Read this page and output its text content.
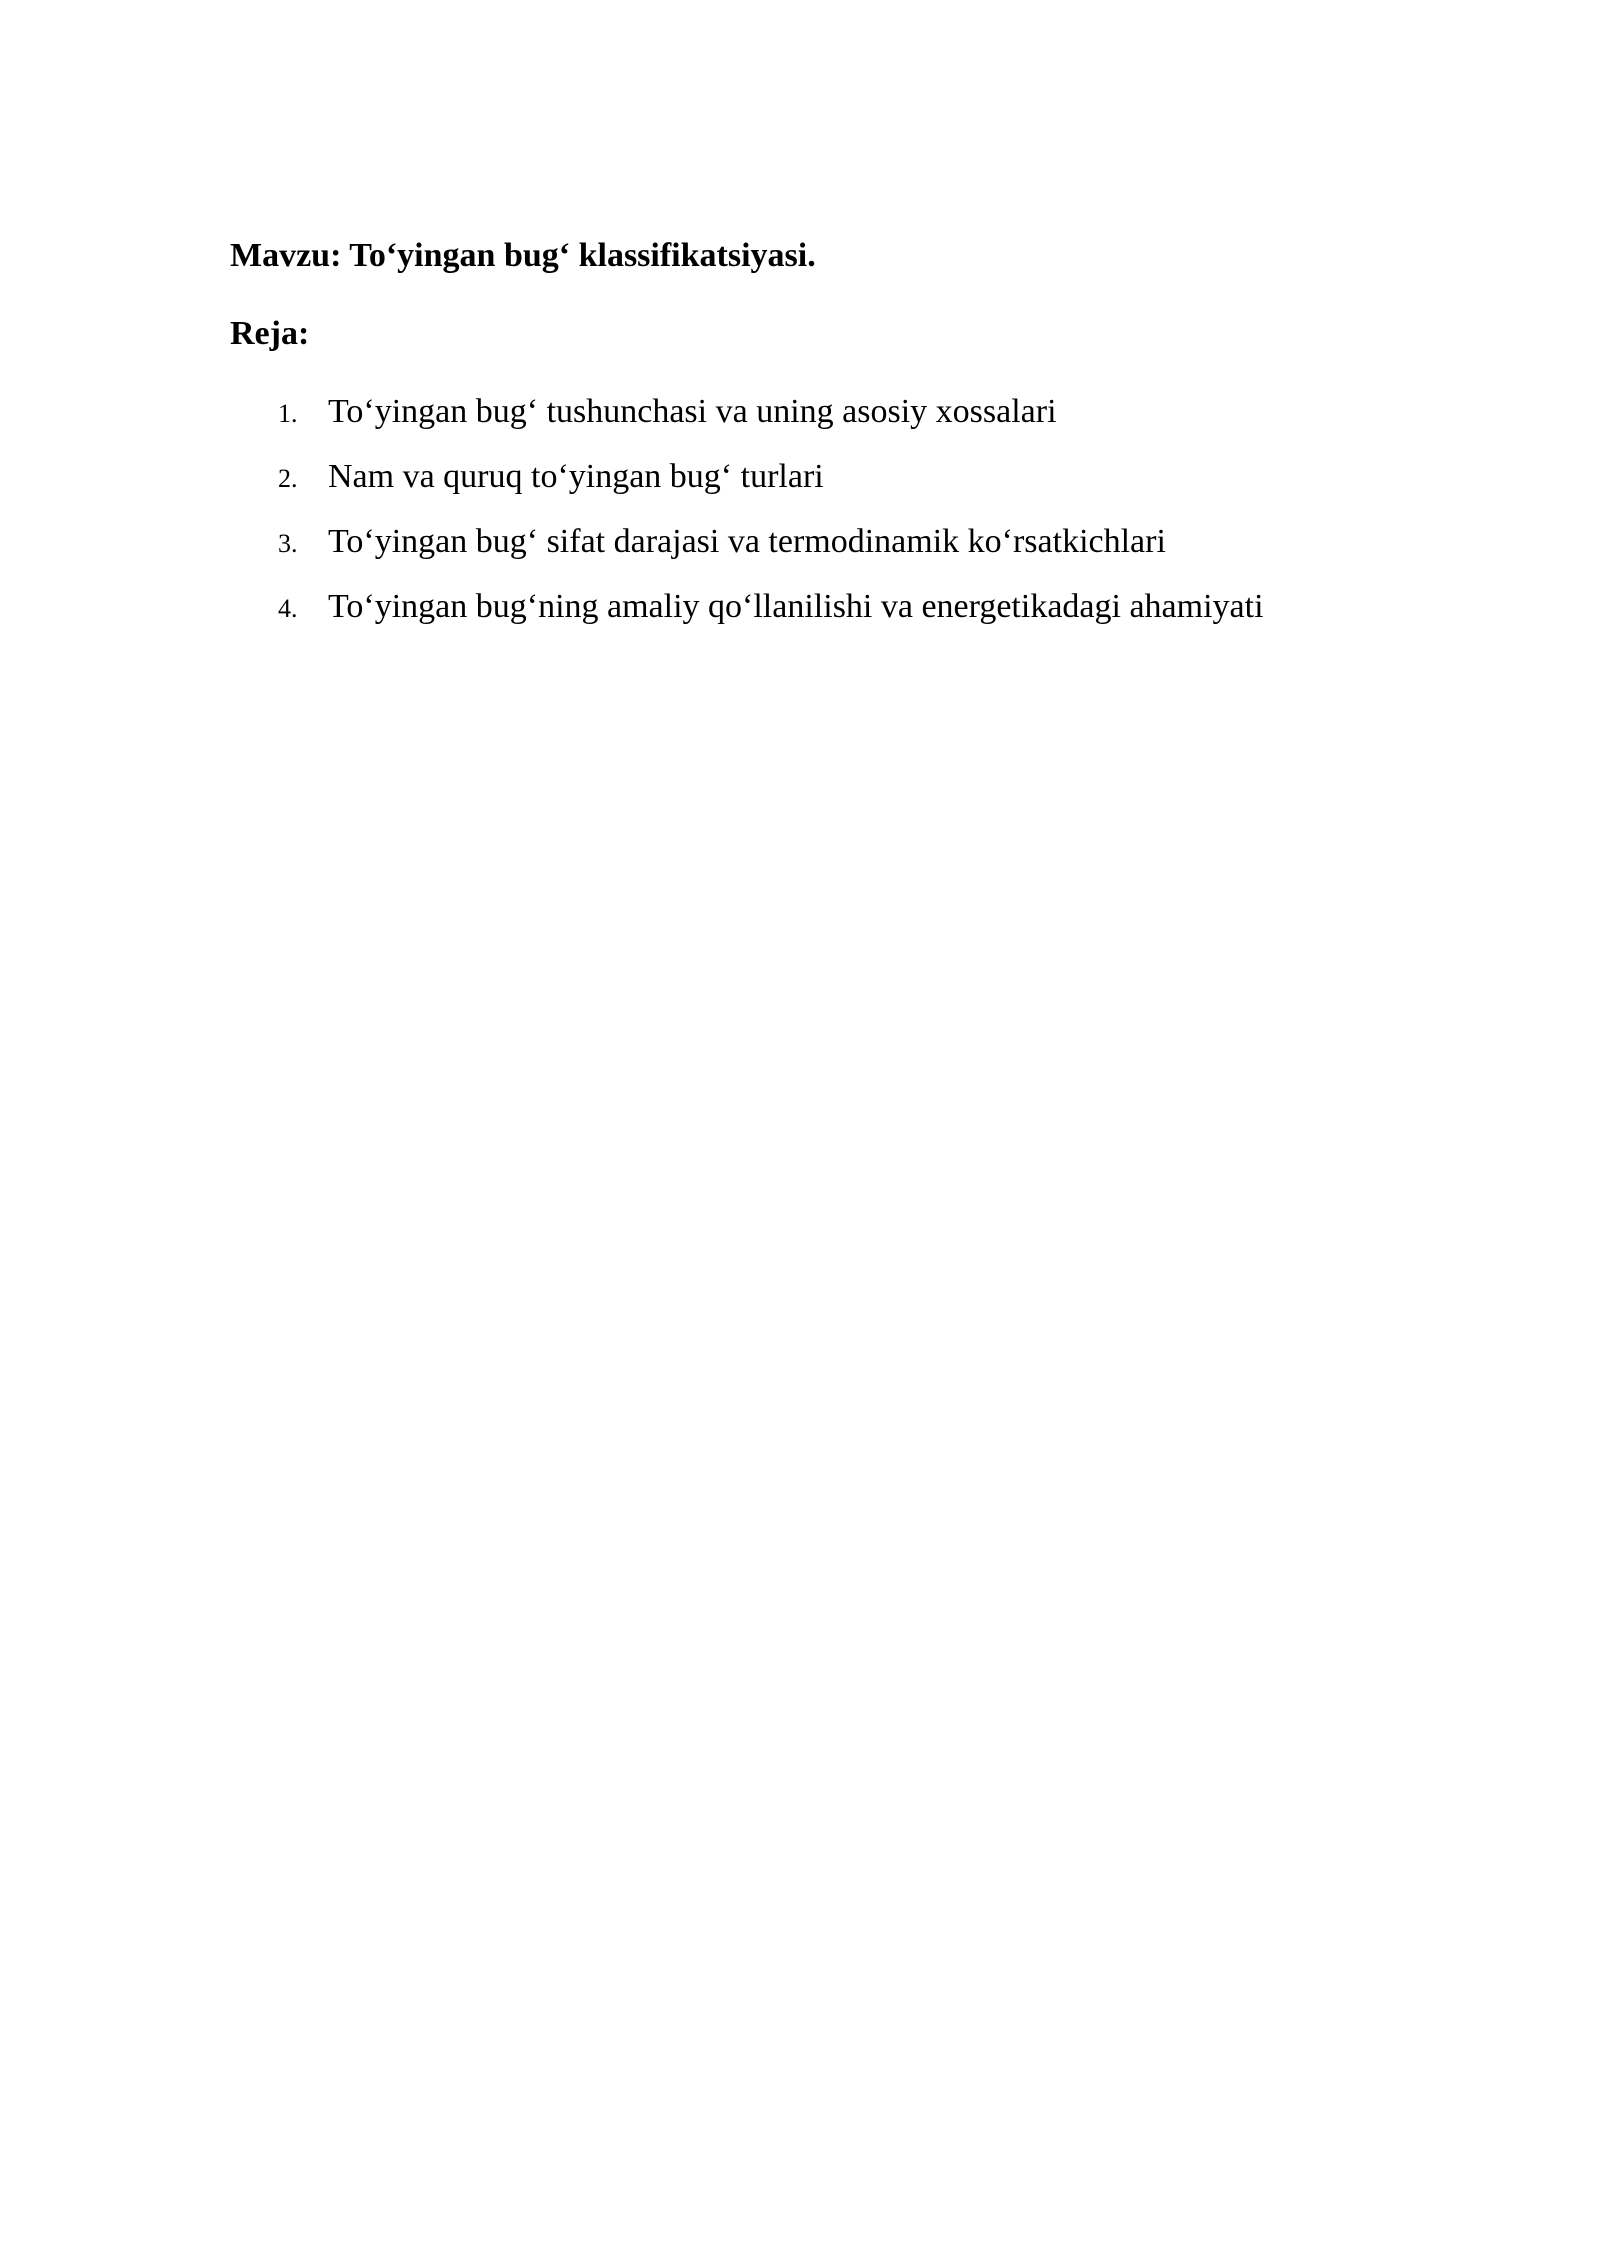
Mavzu: To‘yingan bug‘ klassifikatsiyasi.
Reja:
1. To‘yingan bug‘ tushunchasi va uning asosiy xossalari
2. Nam va quruq to‘yingan bug‘ turlari
3. To‘yingan bug‘ sifat darajasi va termodinamik ko‘rsatkichlari
4. To‘yingan bug‘ning amaliy qo‘llanilishi va energetikadagi ahamiyati
